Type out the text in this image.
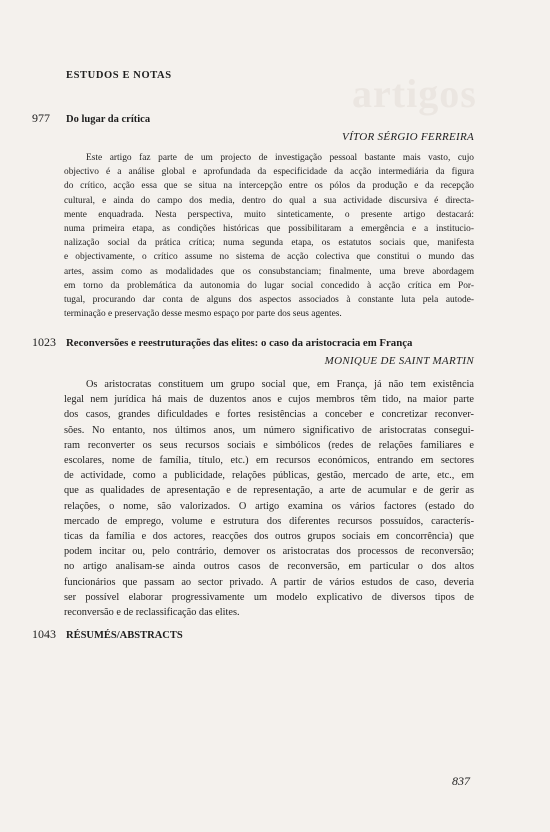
artigos
ESTUDOS E NOTAS
977	Do lugar da crítica
VÍTOR SÉRGIO FERREIRA
Este artigo faz parte de um projecto de investigação pessoal bastante mais vasto, cujo
objectivo é a análise global e aprofundada da especificidade da acção intermediária da figura
do crítico, acção essa que se situa na intercepção entre os pólos da produção e da recepção
cultural, e ainda do campo dos media, dentro do qual a sua actividade discursiva é directa-
mente enquadrada. Nesta perspectiva, muito sinteticamente, o presente artigo destacará:
numa primeira etapa, as condições históricas que possibilitaram a emergência e a institucio-
nalização social da prática crítica; numa segunda etapa, os estatutos sociais que, manifesta
e objectivamente, o crítico assume no sistema de acção colectiva que constitui o mundo das
artes, assim como as modalidades que os consubstanciam; finalmente, uma breve abordagem
em torno da problemática da autonomia do lugar social concedido à acção crítica em Por-
tugal, procurando dar conta de alguns dos aspectos associados à constante luta pela autode-
terminação e preservação desse mesmo espaço por parte dos seus agentes.
1023 Reconversões e reestruturações das elites: o caso da aristocracia em França
MONIQUE DE SAINT MARTIN
Os aristocratas constituem um grupo social que, em França, já não tem existência
legal nem jurídica há mais de duzentos anos e cujos membros têm tido, na maior parte
dos casos, grandes dificuldades e fortes resistências a conceber e concretizar reconver-
sões. No entanto, nos últimos anos, um número significativo de aristocratas consegui-
ram reconverter os seus recursos sociais e simbólicos (redes de relações familiares e
escolares, nome de família, título, etc.) em recursos económicos, entrando em sectores
de actividade, como a publicidade, relações públicas, gestão, mercado de arte, etc., em
que as qualidades de apresentação e de representação, a arte de acumular e de gerir as
relações, o nome, são valorizados. O artigo examina os vários factores (estado do
mercado de emprego, volume e estrutura dos diferentes recursos possuídos, caracterís-
ticas da família e dos actores, reacções dos outros grupos sociais em concorrência) que
podem incitar ou, pelo contrário, demover os aristocratas dos processos de reconversão;
no artigo analisam-se ainda outros casos de reconversão, em particular o dos altos
funcionários que passam ao sector privado. A partir de vários estudos de caso, deveria
ser possível elaborar progressivamente um modelo explicativo de diversos tipos de
reconversão e de reclassificação das elites.
1043 RÉSUMÉS/ABSTRACTS
837
